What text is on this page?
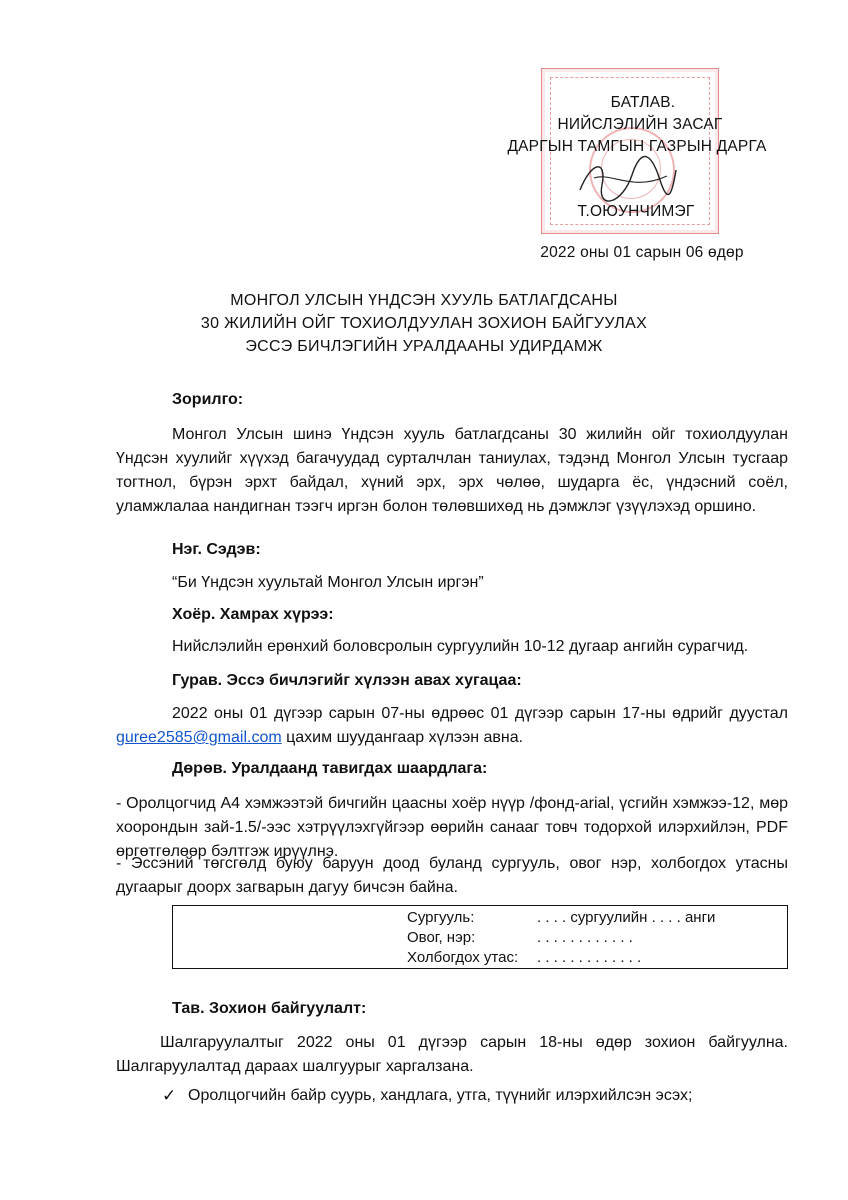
БАТЛАВ.
НИЙСЛЭЛИЙН ЗАСАГ
ДАРГЫН ТАМГЫН ГАЗРЫН ДАРГА
Т.ОЮУНЧИМЭГ
2022 оны 01 сарын 06 өдөр
МОНГОЛ УЛСЫН ҮНДСЭН ХУУЛЬ БАТЛАГДСАНЫ
30 ЖИЛИЙН ОЙГ ТОХИОЛДУУЛАН ЗОХИОН БАЙГУУЛАХ
ЭССЭ БИЧЛЭГИЙН УРАЛДААНЫ УДИРДАМЖ
Зорилго:

Монгол Улсын шинэ Үндсэн хууль батлагдсаны 30 жилийн ойг тохиолдуулан Үндсэн хуулийг хүүхэд багачуудад сурталчлан таниулах, тэдэнд Монгол Улсын тусгаар тогтнол, бүрэн эрхт байдал, хүний эрх, эрх чөлөө, шударга ёс, үндэсний соёл, уламжлалаа нандигнан тээгч иргэн болон төлөвшихөд нь дэмжлэг үзүүлэхэд оршино.

Нэг. Сэдэв:
“Би Үндсэн хуультай Монгол Улсын иргэн”
Хоёр. Хамрах хүрээ:
Нийслэлийн ерөнхий боловсролын сургуулийн 10-12 дугаар ангийн сурагчид.
Гурав. Эссэ бичлэгийг хүлээн авах хугацаа:

2022 оны 01 дүгээр сарын 07-ны өдрөөс 01 дүгээр сарын 17-ны өдрийг дуустал guree2585@gmail.com цахим шуудангаар хүлээн авна.

Дөрөв. Уралдаанд тавигдах шаардлага:

- Оролцогчид А4 хэмжээтэй бичгийн цаасны хоёр нүүр /фонд-arial, үсгийн хэмжээ-12, мөр хоорондын зай-1.5/-ээс хэтрүүлэхгүйгээр өөрийн санааг товч тодорхой илэрхийлэн, PDF өргөтгөлөөр бэлтгэж ирүүлнэ.

- Эссэний төгсгөлд буюу баруун доод буланд сургууль, овог нэр, холбогдох утасны дугаарыг доорх загварын дагуу бичсэн байна.

Сургууль:	. . . . сургуулийн . . . . анги
Овог, нэр:	. . . . . . . . . . . .
Холбогдох утас: . . . . . . . . . . . . .
Тав. Зохион байгуулалт:

Шалгаруулалтыг 2022 оны 01 дүгээр сарын 18-ны өдөр зохион байгуулна. Шалгаруулалтад дараах шалгуурыг харгалзана.

✓ Оролцогчийн байр суурь, хандлага, утга, түүнийг илэрхийлсэн эсэх;
